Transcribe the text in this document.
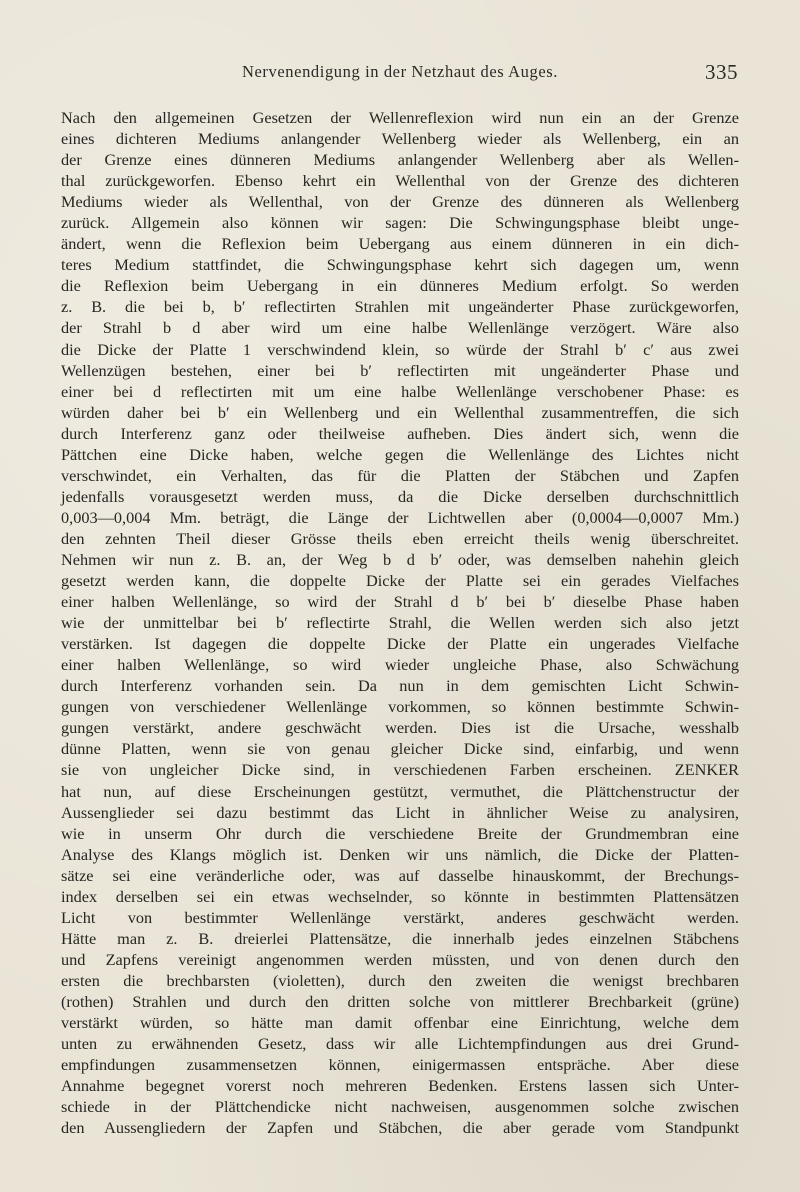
Nervenendigung in der Netzhaut des Auges.	335
Nach den allgemeinen Gesetzen der Wellenreflexion wird nun ein an der Grenze
eines dichteren Mediums anlangender Wellenberg wieder als Wellenberg, ein an
der Grenze eines dünneren Mediums anlangender Wellenberg aber als Wellen-
thal zurückgeworfen. Ebenso kehrt ein Wellenthal von der Grenze des dichteren
Mediums wieder als Wellenthal, von der Grenze des dünneren als Wellenberg
zurück. Allgemein also können wir sagen: Die Schwingungsphase bleibt unge-
ändert, wenn die Reflexion beim Uebergang aus einem dünneren in ein dich-
teres Medium stattfindet, die Schwingungsphase kehrt sich dagegen um, wenn
die Reflexion beim Uebergang in ein dünneres Medium erfolgt. So werden
z. B. die bei b, b′ reflectirten Strahlen mit ungeänderter Phase zurückgeworfen,
der Strahl b d aber wird um eine halbe Wellenlänge verzögert. Wäre also
die Dicke der Platte 1 verschwindend klein, so würde der Strahl b′ c′ aus zwei
Wellenzügen bestehen, einer bei b′ reflectirten mit ungeänderter Phase und
einer bei d reflectirten mit um eine halbe Wellenlänge verschobener Phase: es
würden daher bei b′ ein Wellenberg und ein Wellenthal zusammentreffen, die sich
durch Interferenz ganz oder theilweise aufheben. Dies ändert sich, wenn die
Pättchen eine Dicke haben, welche gegen die Wellenlänge des Lichtes nicht
verschwindet, ein Verhalten, das für die Platten der Stäbchen und Zapfen
jedenfalls vorausgesetzt werden muss, da die Dicke derselben durchschnittlich
0,003—0,004 Mm. beträgt, die Länge der Lichtwellen aber (0,0004—0,0007 Mm.)
den zehnten Theil dieser Grösse theils eben erreicht theils wenig überschreitet.
Nehmen wir nun z. B. an, der Weg b d b′ oder, was demselben nahehin gleich
gesetzt werden kann, die doppelte Dicke der Platte sei ein gerades Vielfaches
einer halben Wellenlänge, so wird der Strahl d b′ bei b′ dieselbe Phase haben
wie der unmittelbar bei b′ reflectirte Strahl, die Wellen werden sich also jetzt
verstärken. Ist dagegen die doppelte Dicke der Platte ein ungerades Vielfache
einer halben Wellenlänge, so wird wieder ungleiche Phase, also Schwächung
durch Interferenz vorhanden sein. Da nun in dem gemischten Licht Schwin-
gungen von verschiedener Wellenlänge vorkommen, so können bestimmte Schwin-
gungen verstärkt, andere geschwächt werden. Dies ist die Ursache, wesshalb
dünne Platten, wenn sie von genau gleicher Dicke sind, einfarbig, und wenn
sie von ungleicher Dicke sind, in verschiedenen Farben erscheinen. ZENKER
hat nun, auf diese Erscheinungen gestützt, vermuthet, die Plättchenstructur der
Aussenglieder sei dazu bestimmt das Licht in ähnlicher Weise zu analysiren,
wie in unserm Ohr durch die verschiedene Breite der Grundmembran eine
Analyse des Klangs möglich ist. Denken wir uns nämlich, die Dicke der Platten-
sätze sei eine veränderliche oder, was auf dasselbe hinauskommt, der Brechungs-
index derselben sei ein etwas wechselnder, so könnte in bestimmten Plattensätzen
Licht von bestimmter Wellenlänge verstärkt, anderes geschwächt werden.
Hätte man z. B. dreierlei Plattensätze, die innerhalb jedes einzelnen Stäbchens
und Zapfens vereinigt angenommen werden müssten, und von denen durch den
ersten die brechbarsten (violetten), durch den zweiten die wenigst brechbaren
(rothen) Strahlen und durch den dritten solche von mittlerer Brechbarkeit (grüne)
verstärkt würden, so hätte man damit offenbar eine Einrichtung, welche dem
unten zu erwähnenden Gesetz, dass wir alle Lichtempfindungen aus drei Grund-
empfindungen zusammensetzen können, einigermassen entspräche. Aber diese
Annahme begegnet vorerst noch mehreren Bedenken. Erstens lassen sich Unter-
schiede in der Plättchendicke nicht nachweisen, ausgenommen solche zwischen
den Aussengliedern der Zapfen und Stäbchen, die aber gerade vom Standpunkt
